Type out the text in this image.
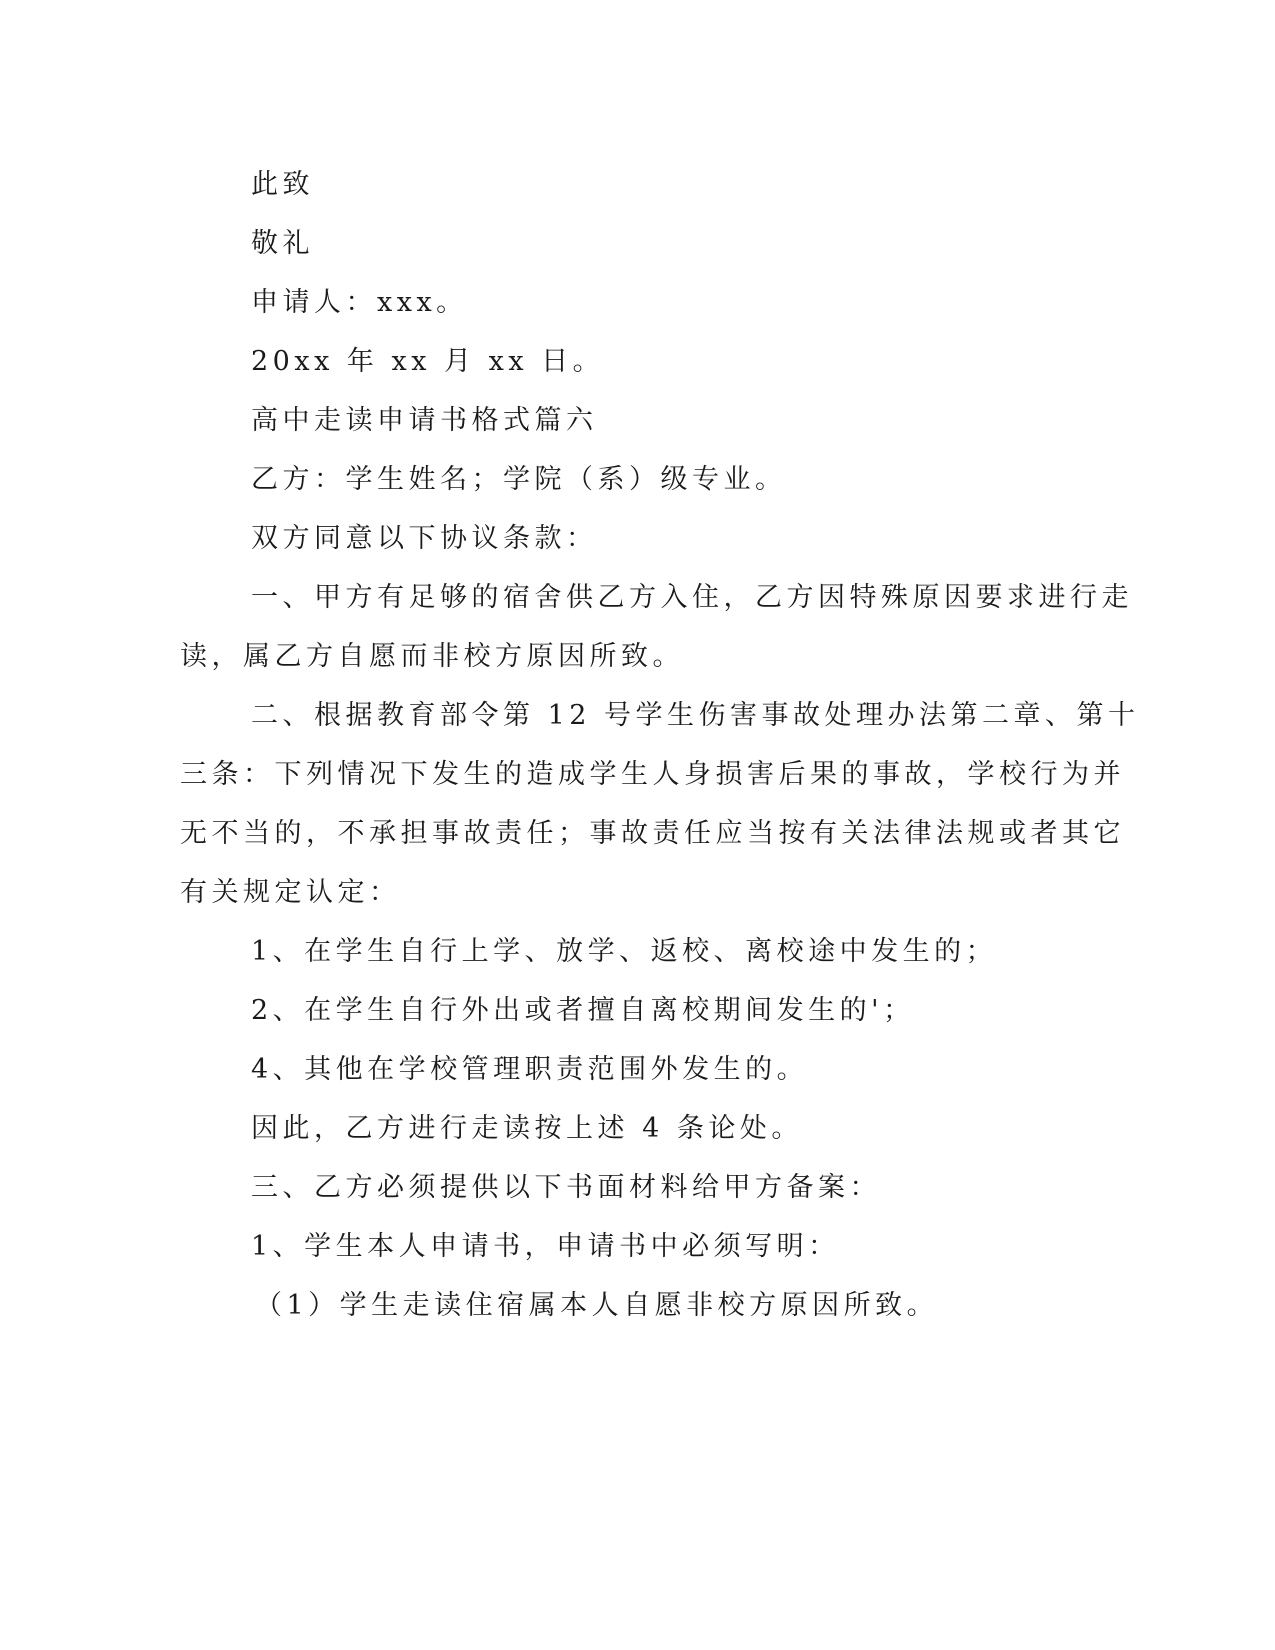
此致
敬礼
申请人：xxx。
20xx 年 xx 月 xx 日。
高中走读申请书格式篇六
乙方：学生姓名；学院（系）级专业。
双方同意以下协议条款：
一、甲方有足够的宿舍供乙方入住，乙方因特殊原因要求进行走
读，属乙方自愿而非校方原因所致。
二、根据教育部令第 12 号学生伤害事故处理办法第二章、第十
三条：下列情况下发生的造成学生人身损害后果的事故，学校行为并
无不当的，不承担事故责任；事故责任应当按有关法律法规或者其它
有关规定认定：
1、在学生自行上学、放学、返校、离校途中发生的；
2、在学生自行外出或者擅自离校期间发生的'；
4、其他在学校管理职责范围外发生的。
因此，乙方进行走读按上述 4 条论处。
三、乙方必须提供以下书面材料给甲方备案：
1、学生本人申请书，申请书中必须写明：
（1）学生走读住宿属本人自愿非校方原因所致。
